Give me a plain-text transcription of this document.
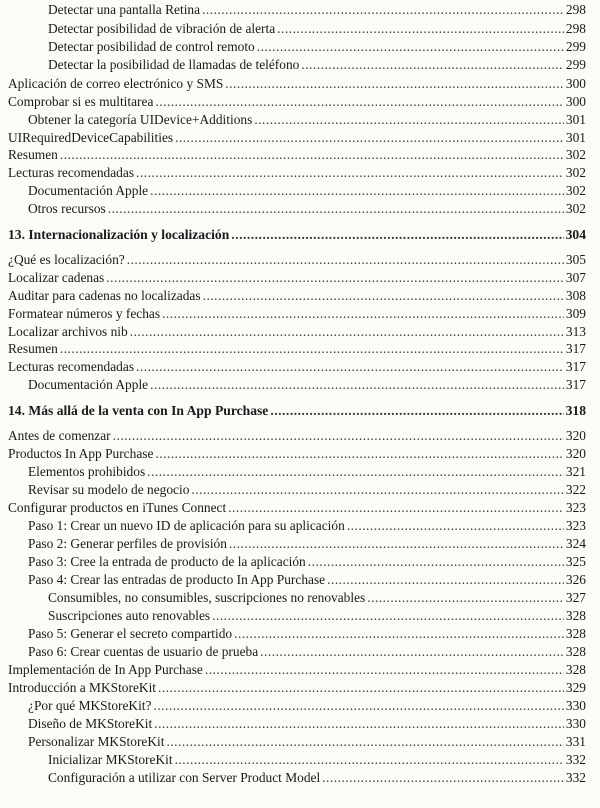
Detectar una pantalla Retina .....	298
Detectar posibilidad de vibración de alerta .....	298
Detectar posibilidad de control remoto .....	299
Detectar la posibilidad de llamadas de teléfono .....	299
Aplicación de correo electrónico y SMS .....	300
Comprobar si es multitarea .....	300
Obtener la categoría UIDevice+Additions .....	301
UIRequiredDeviceCapabilities .....	301
Resumen .....	302
Lecturas recomendadas .....	302
Documentación Apple .....	302
Otros recursos .....	302
13. Internacionalización y localización .....	304
¿Qué es localización? .....	305
Localizar cadenas .....	307
Auditar para cadenas no localizadas .....	308
Formatear números y fechas .....	309
Localizar archivos nib .....	313
Resumen .....	317
Lecturas recomendadas .....	317
Documentación Apple .....	317
14. Más allá de la venta con In App Purchase .....	318
Antes de comenzar .....	320
Productos In App Purchase .....	320
Elementos prohibidos .....	321
Revisar su modelo de negocio .....	322
Configurar productos en iTunes Connect .....	323
Paso 1: Crear un nuevo ID de aplicación para su aplicación .....	323
Paso 2: Generar perfiles de provisión .....	324
Paso 3: Cree la entrada de producto de la aplicación .....	325
Paso 4: Crear las entradas de producto In App Purchase .....	326
Consumibles, no consumibles, suscripciones no renovables .....	327
Suscripciones auto renovables .....	328
Paso 5: Generar el secreto compartido .....	328
Paso 6: Crear cuentas de usuario de prueba .....	328
Implementación de In App Purchase .....	328
Introducción a MKStoreKit .....	329
¿Por qué MKStoreKit? .....	330
Diseño de MKStoreKit .....	330
Personalizar MKStoreKit .....	331
Inicializar MKStoreKit .....	332
Configuración a utilizar con Server Product Model .....	332
